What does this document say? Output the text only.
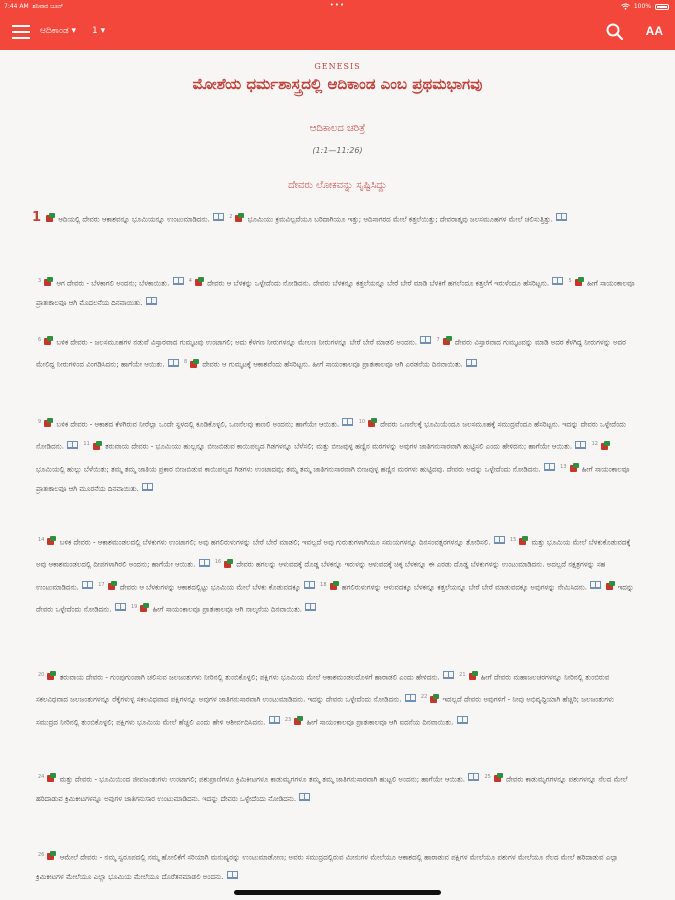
7:44 AM ಶನಿವಾರ ಜೂನ್	•••	100%
ಆದಿಕಾಂಡ ▾ 1 ▾	AA
GENESIS
ಮೋಶೆಯ ಧರ್ಮಶಾಸ್ತ್ರದಲ್ಲಿ ಆದಿಕಾಂಡ ಎಂಬ ಪ್ರಥಮಭಾಗವು
ಆದಿಕಾಲದ ಚರಿತ್ರೆ
(1:1—11:26)
ದೇವರು ಲೋಕವನ್ನು ಸೃಷ್ಟಿಸಿದ್ದು
1
ಆದಿಯಲ್ಲಿ ದೇವರು ಆಕಾಶವನ್ನೂ ಭೂಮಿಯನ್ನೂ ಉಂಟುಮಾಡಿದನು.	$^2$
ಭೂಮಿಯು ಕ್ರಮವಿಲ್ಲದೆಯೂ ಬರಿದಾಗಿಯೂ ಇತ್ತು; ಆದಿಸಾಗರದ ಮೇಲೆ ಕತ್ತಲೆಯಿತ್ತು; ದೇವರಾತ್ಮವು ಜಲಸಮೂಹಗಳ ಮೇಲೆ ಚಲಿಸುತ್ತಿತ್ತು.
$^3$
ಆಗ ದೇವರು - ಬೆಳಕಾಗಲಿ ಅಂದನು; ಬೆಳಕಾಯಿತು.	$^4$
ದೇವರು ಆ ಬೆಳಕನ್ನು ಒಳ್ಳೇದೆಂದು ನೋಡಿದನು. ದೇವರು ಬೆಳಕನ್ನೂ ಕತ್ತಲೆಯನ್ನೂ ಬೇರೆ ಬೇರೆ ಮಾಡಿ ಬೆಳಕಿಗೆ ಹಗಲೆಂದೂ ಕತ್ತಲೆಗೆ ಇರುಳೆಂದೂ ಹೆಸರಿಟ್ಟನು.	$^5$
ಹೀಗೆ ಸಾಯಂಕಾಲವೂ ಪ್ರಾತಃಕಾಲವೂ ಆಗಿ ಮೊದಲನೆಯ ದಿನವಾಯಿತು.
$^6$
ಬಳಿಕ ದೇವರು - ಜಲಸಮೂಹಗಳ ನಡುವೆ ವಿಸ್ತಾರವಾದ ಗುಮ್ಮಟವು ಉಂಟಾಗಲಿ; ಅದು ಕೆಳಗಣ ನೀರುಗಳನ್ನೂ ಮೇಲಣ ನೀರುಗಳನ್ನೂ ಬೇರೆ ಬೇರೆ ಮಾಡಲಿ ಅಂದನು.	$^7$
ದೇವರು ವಿಸ್ತಾರವಾದ ಗುಮ್ಮಟವನ್ನು ಮಾಡಿ ಅದರ ಕೆಳಗಿದ್ದ ನೀರುಗಳನ್ನು ಅದರ ಮೇಲಿದ್ದ ನೀರುಗಳಿಂದ ವಿಂಗಡಿಸಿದನು; ಹಾಗೆಯೇ ಆಯಿತು.	$^8$
ದೇವರು ಆ ಗುಮ್ಮಟಕ್ಕೆ ಆಕಾಶವೆಂದು ಹೆಸರಿಟ್ಟನು. ಹೀಗೆ ಸಾಯಂಕಾಲವೂ ಪ್ರಾತಃಕಾಲವೂ ಆಗಿ ಎರಡನೆಯ ದಿನವಾಯಿತು.
$^9$
ಬಳಿಕ ದೇವರು - ಆಕಾಶದ ಕೆಳಗಿರುವ ನೀರೆಲ್ಲಾ ಒಂದೇ ಸ್ಥಳದಲ್ಲಿ ಕೂಡಿಕೊಳ್ಳಲಿ, ಒಣನೆಲವು ಕಾಣಲಿ ಅಂದನು; ಹಾಗೆಯೇ ಆಯಿತು.	$^{10}$
ದೇವರು ಒಣನೆಲಕ್ಕೆ ಭೂಮಿಯೆಂದೂ ಜಲಸಮೂಹಕ್ಕೆ ಸಮುದ್ರವೆಂದೂ ಹೆಸರಿಟ್ಟನು. ಇದನ್ನು ದೇವರು ಒಳ್ಳೇದೆಂದು ನೋಡಿದನು.	$^{11}$
ತರುವಾಯ ದೇವರು - ಭೂಮಿಯು ಹುಲ್ಲನ್ನೂ ಬೀಜಬಿಡುವ ಕಾಯಿಪಲ್ಯದ ಗಿಡಗಳನ್ನೂ ಬೆಳೆಸಲಿ; ಮತ್ತು ಬೀಜವುಳ್ಳ ಹಣ್ಣಿನ ಮರಗಳನ್ನು ಅವುಗಳ ಜಾತಿಗನುಸಾರವಾಗಿ ಹುಟ್ಟಿಸಲಿ ಎಂದು ಹೇಳಿದನು; ಹಾಗೆಯೇ ಆಯಿತು.	$^{12}$
ಭೂಮಿಯಲ್ಲಿ ಹುಲ್ಲು ಬೆಳೆಯಿತು; ತಮ್ಮ ತಮ್ಮ ಜಾತಿಯ ಪ್ರಕಾರ ಬೀಜಬಿಡುವ ಕಾಯಿಪಲ್ಯದ ಗಿಡಗಳು ಉಂಟಾದವು; ತಮ್ಮ ತಮ್ಮ ಜಾತಿಗನುಸಾರವಾಗಿ ಬೀಜವುಳ್ಳ ಹಣ್ಣಿನ ಮರಗಳು ಹುಟ್ಟಿದವು. ದೇವರು ಅದನ್ನು ಒಳ್ಳೇದೆಂದು ನೋಡಿದನು.	$^{13}$
ಹೀಗೆ ಸಾಯಂಕಾಲವೂ ಪ್ರಾತಃಕಾಲವೂ ಆಗಿ ಮೂರನೆಯ ದಿನವಾಯಿತು.
$^{14}$
ಬಳಿಕ ದೇವರು - ಆಕಾಶಮಂಡಲದಲ್ಲಿ ಬೆಳಕುಗಳು ಉಂಟಾಗಲಿ; ಅವು ಹಗಲಿರುಳುಗಳನ್ನು ಬೇರೆ ಬೇರೆ ಮಾಡಲಿ; ಇವಲ್ಲದೆ ಅವು ಗುರುತುಗಳಾಗಿಯೂ ಸಮಯಗಳನ್ನೂ ದಿನಸಂವತ್ಸರಗಳನ್ನೂ ತೋರಿಸಲಿ.	$^{15}$
ಮತ್ತು ಭೂಮಿಯ ಮೇಲೆ ಬೆಳಕುಕೊಡುವದಕ್ಕೆ ಅವು ಆಕಾಶಮಂಡಲದಲ್ಲಿ ದೀಪಗಳಾಗಿರಲಿ ಅಂದನು; ಹಾಗೆಯೇ ಆಯಿತು.	$^{16}$
ದೇವರು ಹಗಲನ್ನು ಆಳುವದಕ್ಕೆ ದೊಡ್ಡ ಬೆಳಕನ್ನೂ ಇರುಳನ್ನು ಆಳುವದಕ್ಕೆ ಚಿಕ್ಕ ಬೆಳಕನ್ನೂ ಈ ಎರಡು ದೊಡ್ಡ ಬೆಳಕುಗಳನ್ನು ಉಂಟುಮಾಡಿದನು. ಅದಲ್ಲದೆ ನಕ್ಷತ್ರಗಳನ್ನು ಸಹ ಉಂಟುಮಾಡಿದನು.	$^{17}$
ದೇವರು ಆ ಬೆಳಕುಗಳನ್ನು ಆಕಾಶದಲ್ಲಿಟ್ಟು ಭೂಮಿಯ ಮೇಲೆ ಬೆಳಕು ಕೊಡುವದಕ್ಕೂ	$^{18}$
ಹಗಲಿರುಳುಗಳನ್ನು ಆಳುವದಕ್ಕೂ ಬೆಳಕನ್ನೂ ಕತ್ತಲೆಯನ್ನೂ ಬೇರೆ ಬೇರೆ ಮಾಡುವದಕ್ಕೂ ಅವುಗಳನ್ನು ನೇಮಿಸಿದನು.	ಇದನ್ನು ದೇವರು ಒಳ್ಳೇದೆಂದು ನೋಡಿದನು.	$^{19}$
ಹೀಗೆ ಸಾಯಂಕಾಲವೂ ಪ್ರಾತಃಕಾಲವೂ ಆಗಿ ನಾಲ್ಕನೆಯ ದಿನವಾಯಿತು.
$^{20}$
ತರುವಾಯ ದೇವರು - ಗುಂಪುಗುಂಪಾಗಿ ಚಲಿಸುವ ಜಲಜಂತುಗಳು ನೀರಿನಲ್ಲಿ ತುಂಬಿಕೊಳ್ಳಲಿ; ಪಕ್ಷಿಗಳು ಭೂಮಿಯ ಮೇಲೆ ಆಕಾಶಮಂಡಲದೊಳಗೆ ಹಾರಾಡಲಿ ಎಂದು ಹೇಳಿದನು.	$^{21}$
ಹೀಗೆ ದೇವರು ಮಹಾಜಲಚರಗಳನ್ನೂ ನೀರಿನಲ್ಲಿ ತುಂಬಿರುವ ಸಕಲವಿಧವಾದ ಜಲಜಂತುಗಳನ್ನೂ ರೆಕ್ಕೆಗಳುಳ್ಳ ಸಕಲವಿಧವಾದ ಪಕ್ಷಿಗಳನ್ನೂ ಅವುಗಳ ಜಾತಿಗನುಸಾರವಾಗಿ ಉಂಟುಮಾಡಿದನು. ಇದನ್ನು ದೇವರು ಒಳ್ಳೇದೆಂದು ನೋಡಿದನು.	$^{22}$
ಇದಲ್ಲದೆ ದೇವರು ಅವುಗಳಿಗೆ - ನೀವು ಅಭಿವೃದ್ಧಿಯಾಗಿ ಹೆಚ್ಚಿರಿ; ಜಲಜಂತುಗಳು ಸಮುದ್ರದ ನೀರಿನಲ್ಲಿ ತುಂಬಿಕೊಳ್ಳಲಿ; ಪಕ್ಷಿಗಳು ಭೂಮಿಯ ಮೇಲೆ ಹೆಚ್ಚಲಿ ಎಂದು ಹೇಳಿ ಆಶೀರ್ವದಿಸಿದನು.	$^{23}$
ಹೀಗೆ ಸಾಯಂಕಾಲವೂ ಪ್ರಾತಃಕಾಲವೂ ಆಗಿ ಐದನೆಯ ದಿನವಾಯಿತು.
$^{24}$
ಮತ್ತು ದೇವರು - ಭೂಮಿಯಿಂದ ಜೀವಜಂತುಗಳು ಉಂಟಾಗಲಿ; ಪಶುಪ್ರಾಣಿಗಳೂ ಕ್ರಿಮಿಕೀಟಗಳೂ ಕಾಡುಮೃಗಗಳೂ ತಮ್ಮ ತಮ್ಮ ಜಾತಿಗನುಸಾರವಾಗಿ ಹುಟ್ಟಲಿ ಅಂದನು; ಹಾಗೆಯೇ ಆಯಿತು.	$^{25}$
ದೇವರು ಕಾಡುಮೃಗಗಳನ್ನೂ ಪಶುಗಳನ್ನೂ ನೆಲದ ಮೇಲೆ ಹರಿದಾಡುವ ಕ್ರಿಮಿಕೀಟಗಳನ್ನೂ ಅವುಗಳ ಜಾತಿಗನುಸಾರ ಉಂಟುಮಾಡಿದನು. ಇದನ್ನು ದೇವರು ಒಳ್ಳೇದೆಂದು ನೋಡಿದನು.
$^{26}$
ಆಮೇಲೆ ದೇವರು - ನಮ್ಮ ಸ್ವರೂಪದಲ್ಲಿ ನಮ್ಮ ಹೋಲಿಕೆಗೆ ಸರಿಯಾಗಿ ಮನುಷ್ಯರನ್ನು ಉಂಟುಮಾಡೋಣ; ಅವರು ಸಮುದ್ರದಲ್ಲಿರುವ ಮೀನುಗಳ ಮೇಲೆಯೂ ಆಕಾಶದಲ್ಲಿ ಹಾರಾಡುವ ಪಕ್ಷಿಗಳ ಮೇಲೆಯೂ ಪಶುಗಳ ಮೇಲೆಯೂ ನೆಲದ ಮೇಲೆ ಹರಿದಾಡುವ ಎಲ್ಲಾ ಕ್ರಿಮಿಕೀಟಗಳ ಮೇಲೆಯೂ ಎಲ್ಲಾ ಭೂಮಿಯ ಮೇಲೆಯೂ ದೊರೆತನಮಾಡಲಿ ಅಂದನು.
